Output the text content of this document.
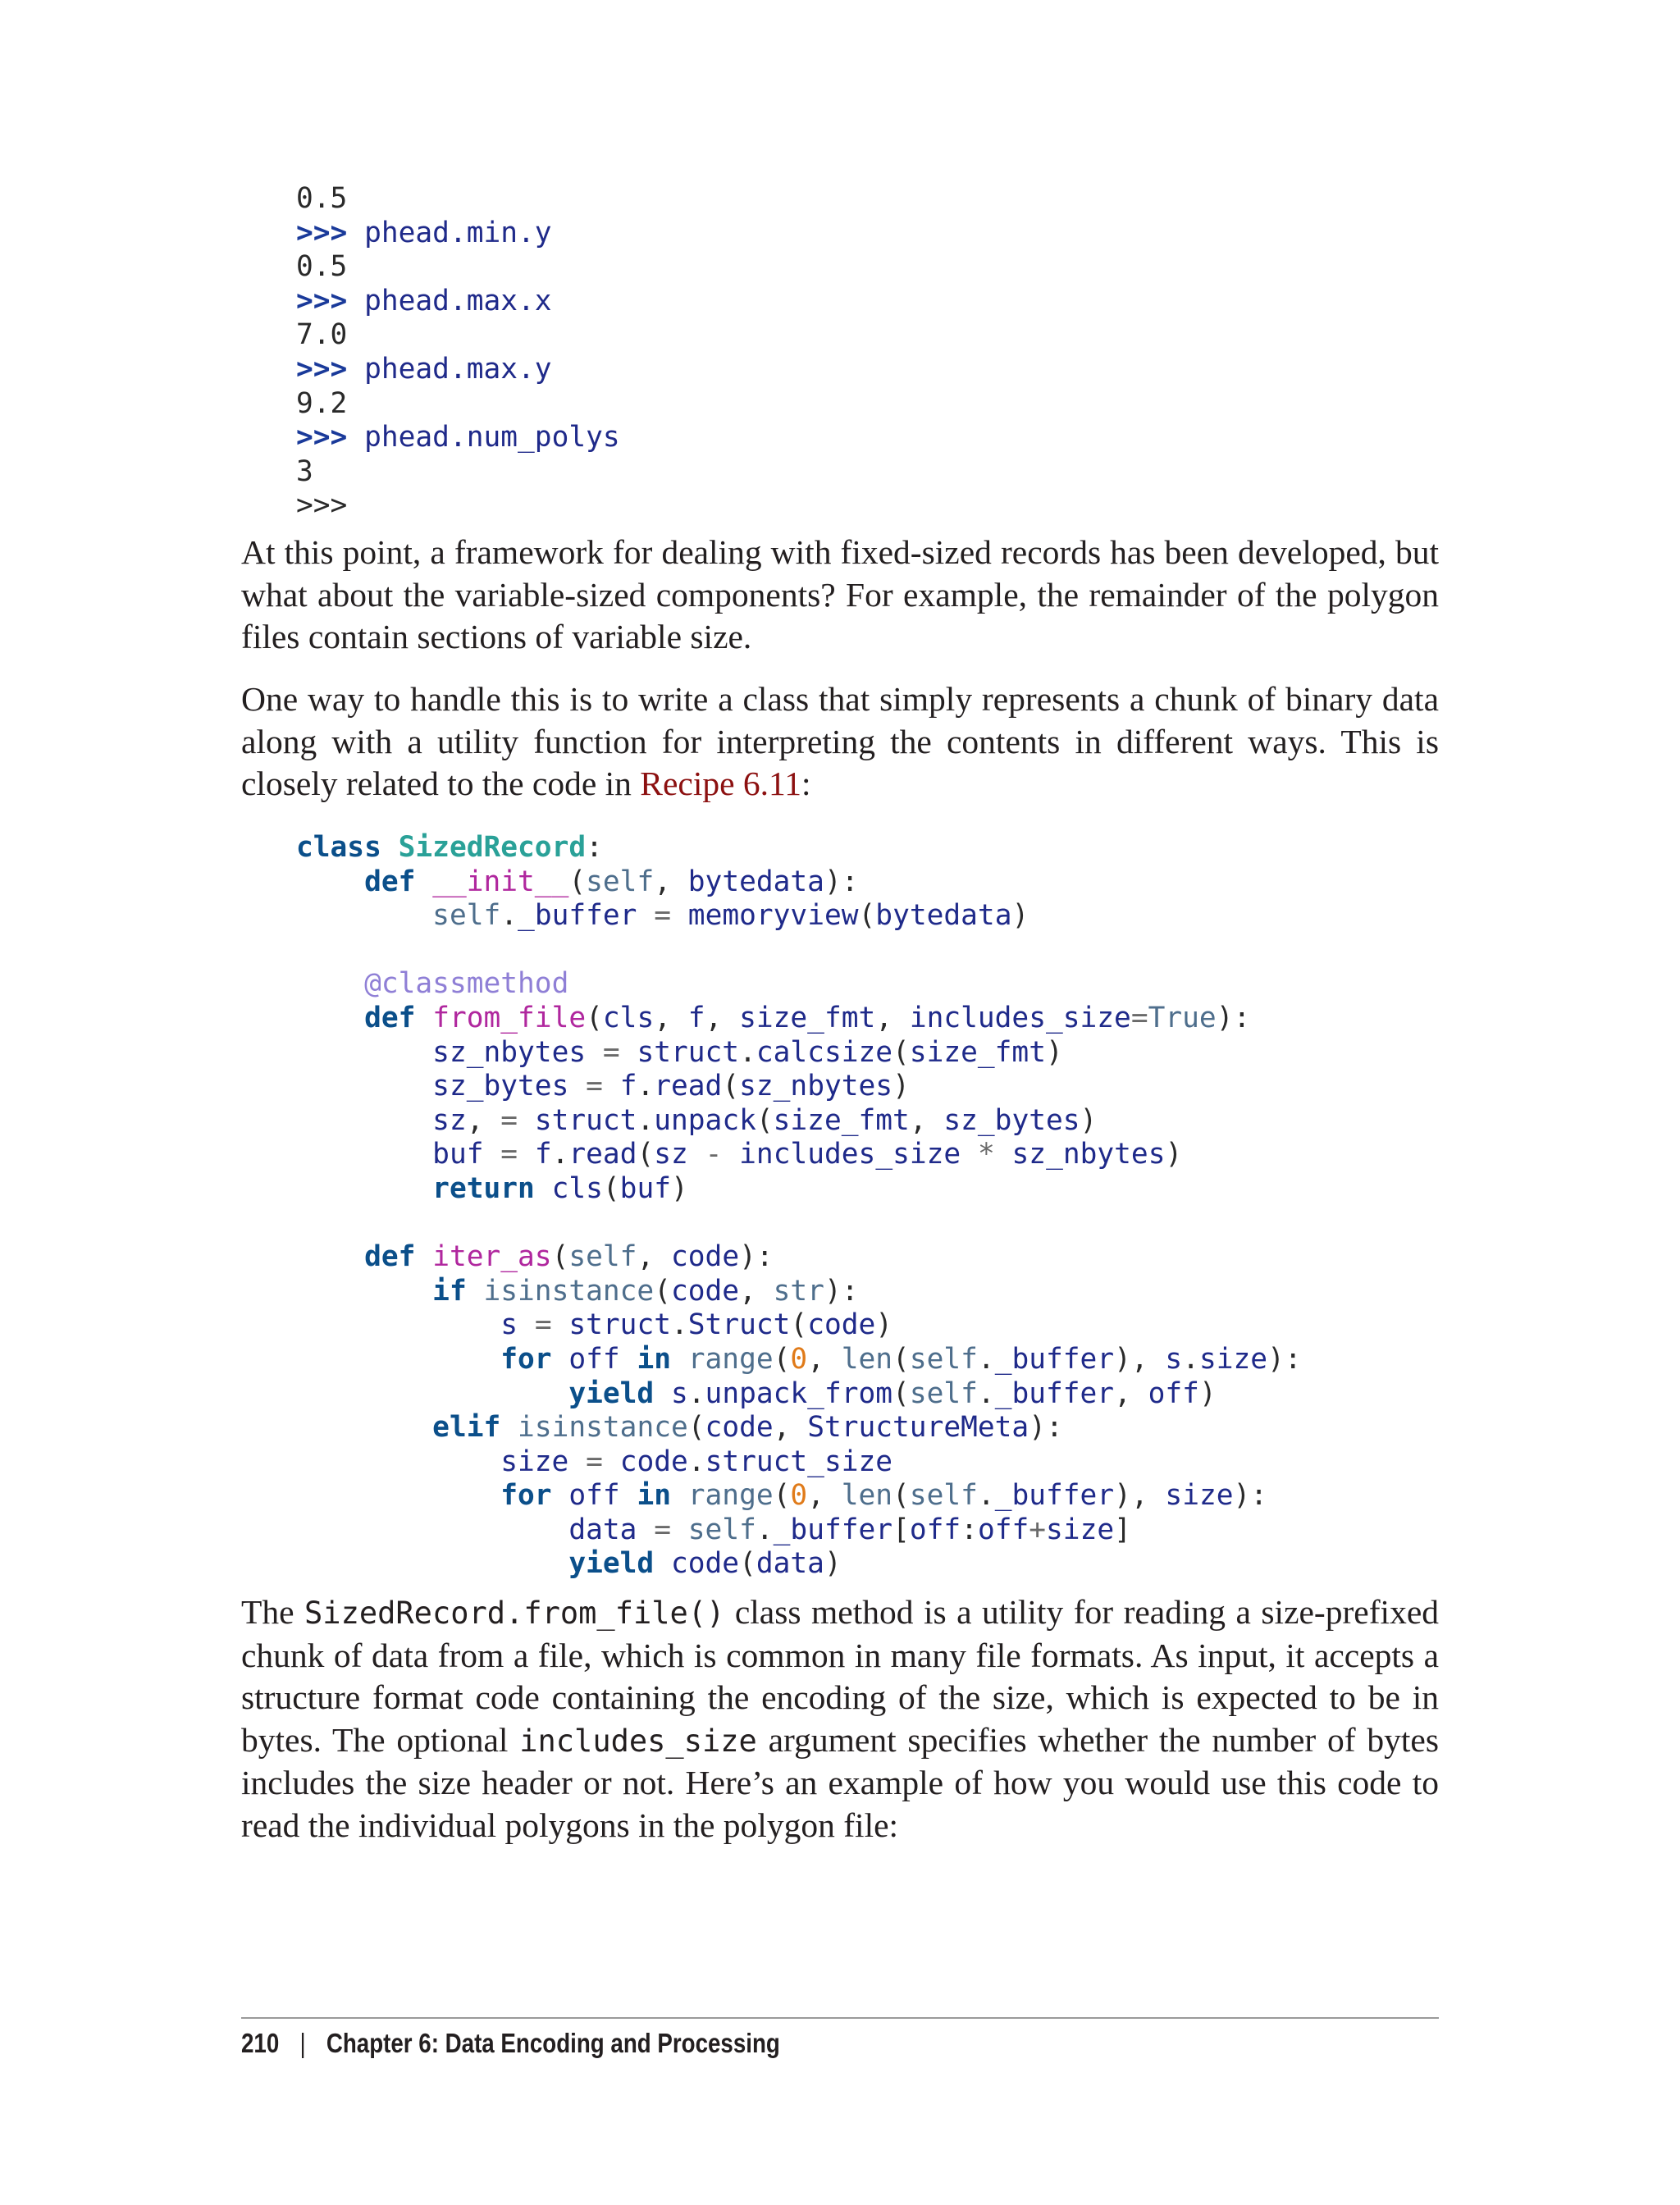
0.5
>>> phead.min.y
0.5
>>> phead.max.x
7.0
>>> phead.max.y
9.2
>>> phead.num_polys
3
>>>

At this point, a framework for dealing with fixed-sized records has been developed, but what about the variable-sized components? For example, the remainder of the polygon files contain sections of variable size.

One way to handle this is to write a class that simply represents a chunk of binary data along with a utility function for interpreting the contents in different ways. This is closely related to the code in Recipe 6.11:

class SizedRecord:
def __init__(self, bytedata):
self._buffer = memoryview(bytedata)

@classmethod
def from_file(cls, f, size_fmt, includes_size=True):
sz_nbytes = struct.calcsize(size_fmt)
sz_bytes = f.read(sz_nbytes)
sz, = struct.unpack(size_fmt, sz_bytes)
buf = f.read(sz - includes_size * sz_nbytes)
return cls(buf)

def iter_as(self, code):
if isinstance(code, str):
s = struct.Struct(code)
for off in range(0, len(self._buffer), s.size):
yield s.unpack_from(self._buffer, off)
elif isinstance(code, StructureMeta):
size = code.struct_size
for off in range(0, len(self._buffer), size):
data = self._buffer[off:off+size]
yield code(data)

The SizedRecord.from_file() class method is a utility for reading a size-prefixed chunk of data from a file, which is common in many file formats. As input, it accepts a structure format code containing the encoding of the size, which is expected to be in bytes. The optional includes_size argument specifies whether the number of bytes includes the size header or not. Here’s an example of how you would use this code to read the individual polygons in the polygon file:

210 | Chapter 6: Data Encoding and Processing
